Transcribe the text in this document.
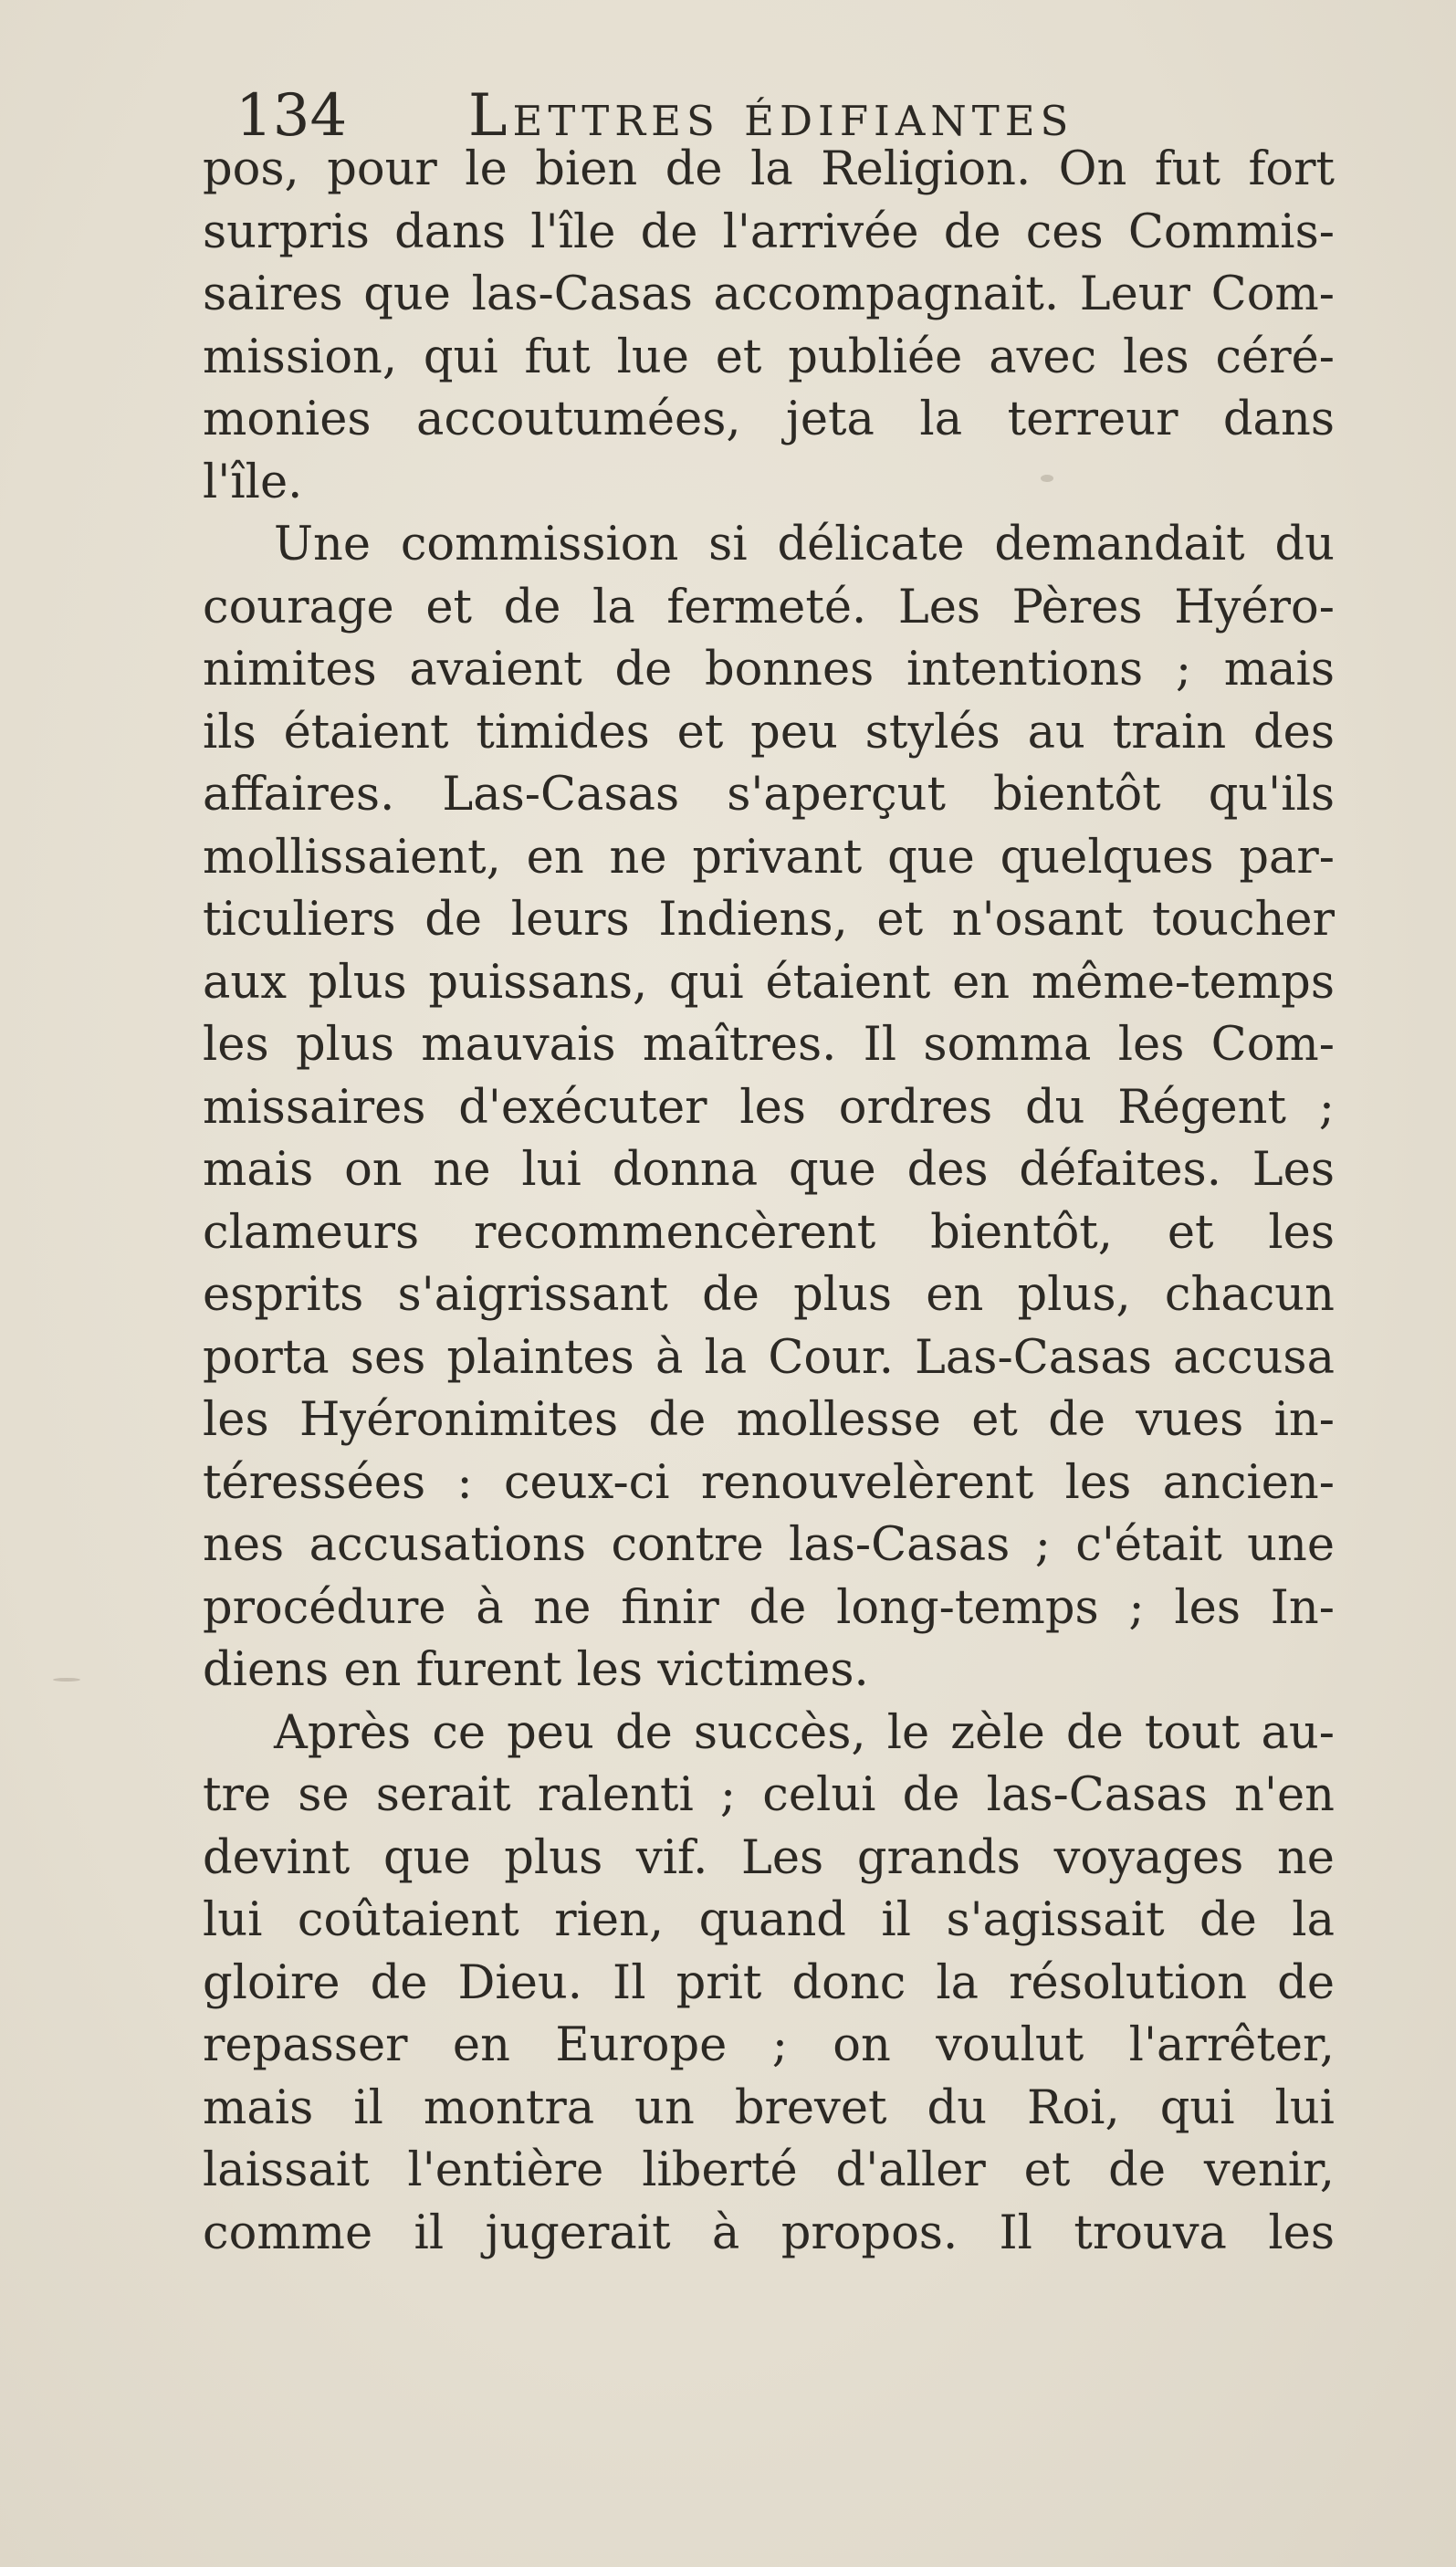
134 Lettres édifiantes
pos, pour le bien de la Religion. On fut fort
surpris dans l'île de l'arrivée de ces Commis-
saires que las-Casas accompagnait. Leur Com-
mission, qui fut lue et publiée avec les céré-
monies accoutumées, jeta la terreur dans
l'île.
Une commission si délicate demandait du
courage et de la fermeté. Les Pères Hyéro-
nimites avaient de bonnes intentions ; mais
ils étaient timides et peu stylés au train des
affaires. Las-Casas s'aperçut bientôt qu'ils
mollissaient, en ne privant que quelques par-
ticuliers de leurs Indiens, et n'osant toucher
aux plus puissans, qui étaient en même-temps
les plus mauvais maîtres. Il somma les Com-
missaires d'exécuter les ordres du Régent ;
mais on ne lui donna que des défaites. Les
clameurs recommencèrent bientôt, et les
esprits s'aigrissant de plus en plus, chacun
porta ses plaintes à la Cour. Las-Casas accusa
les Hyéronimites de mollesse et de vues in-
téressées : ceux-ci renouvelèrent les ancien-
nes accusations contre las-Casas ; c'était une
procédure à ne finir de long-temps ; les In-
diens en furent les victimes.
Après ce peu de succès, le zèle de tout au-
tre se serait ralenti ; celui de las-Casas n'en
devint que plus vif. Les grands voyages ne
lui coûtaient rien, quand il s'agissait de la
gloire de Dieu. Il prit donc la résolution de
repasser en Europe ; on voulut l'arrêter,
mais il montra un brevet du Roi, qui lui
laissait l'entière liberté d'aller et de venir,
comme il jugerait à propos. Il trouva les
